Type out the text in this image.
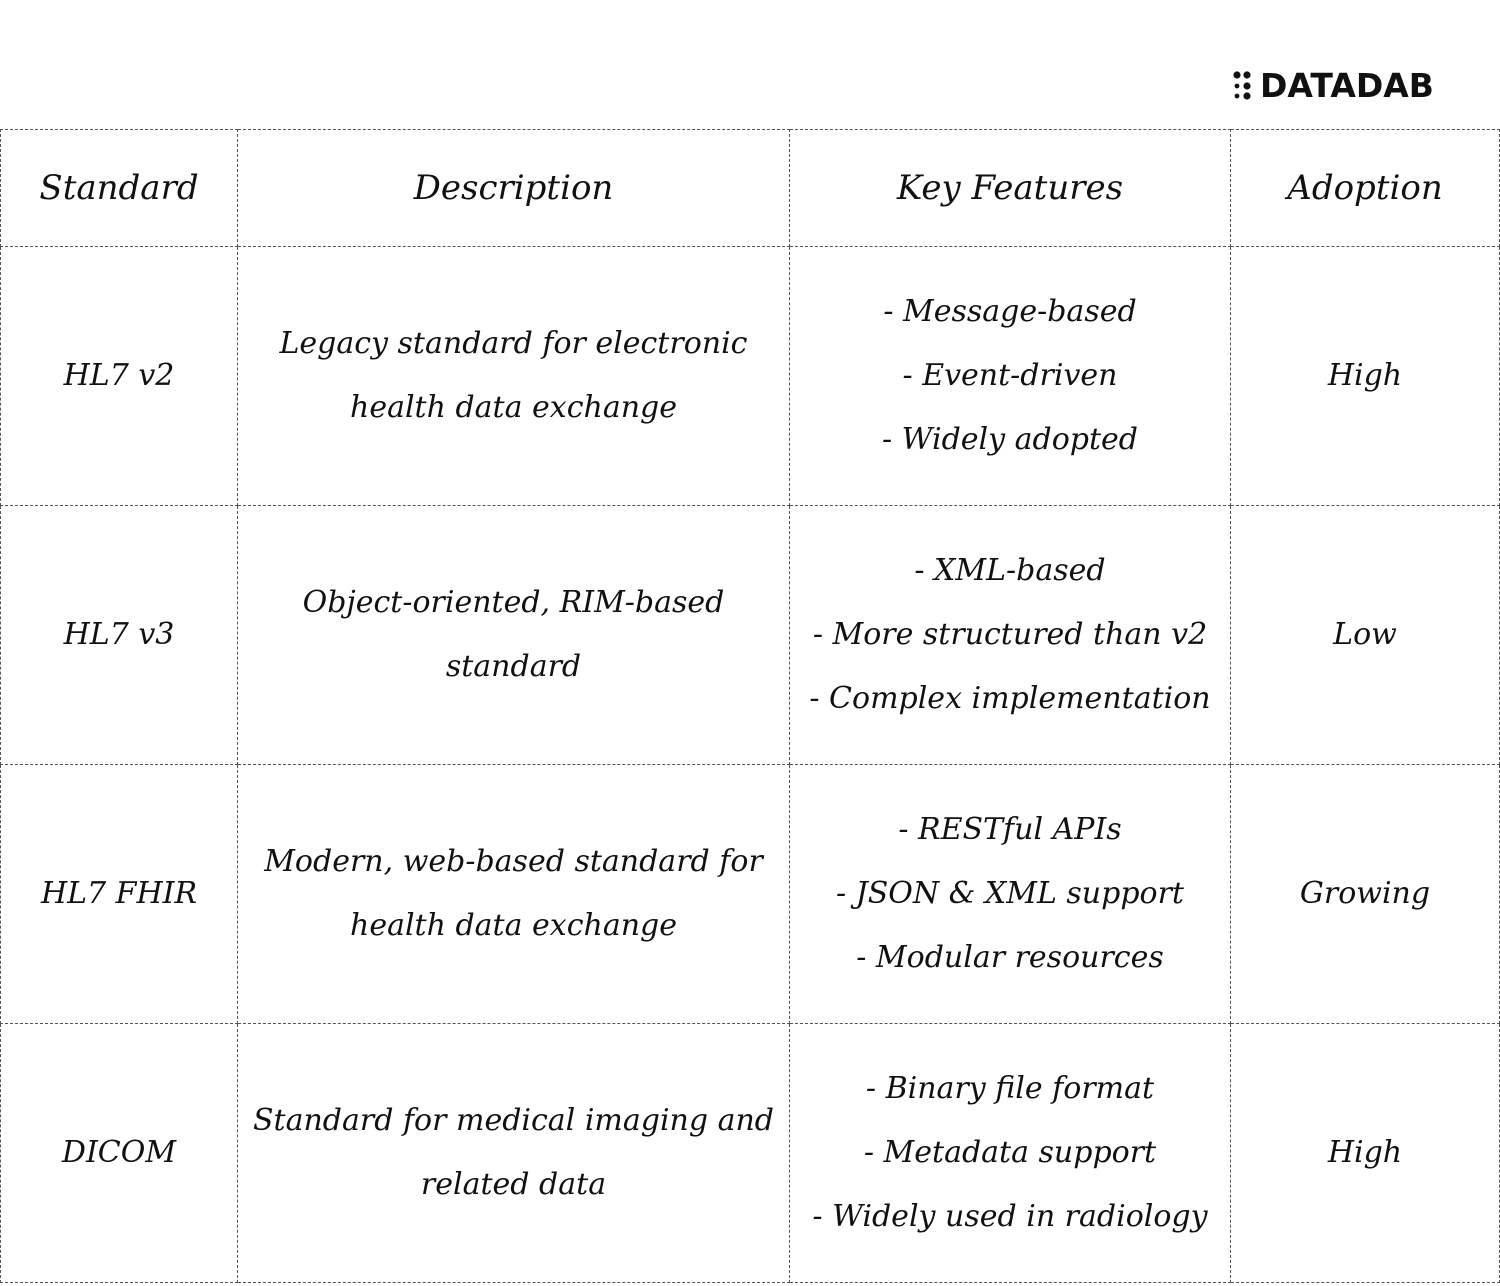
DATADAB
Standard	Description	Key Features	Adoption
HL7 v2	Legacy standard for electronic health data exchange	- Message-based
- Event-driven
- Widely adopted	High
HL7 v3	Object-oriented, RIM-based standard	- XML-based
- More structured than v2
- Complex implementation	Low
HL7 FHIR	Modern, web-based standard for health data exchange	- RESTful APIs
- JSON & XML support
- Modular resources	Growing
DICOM	Standard for medical imaging and related data	- Binary file format
- Metadata support
- Widely used in radiology	High
